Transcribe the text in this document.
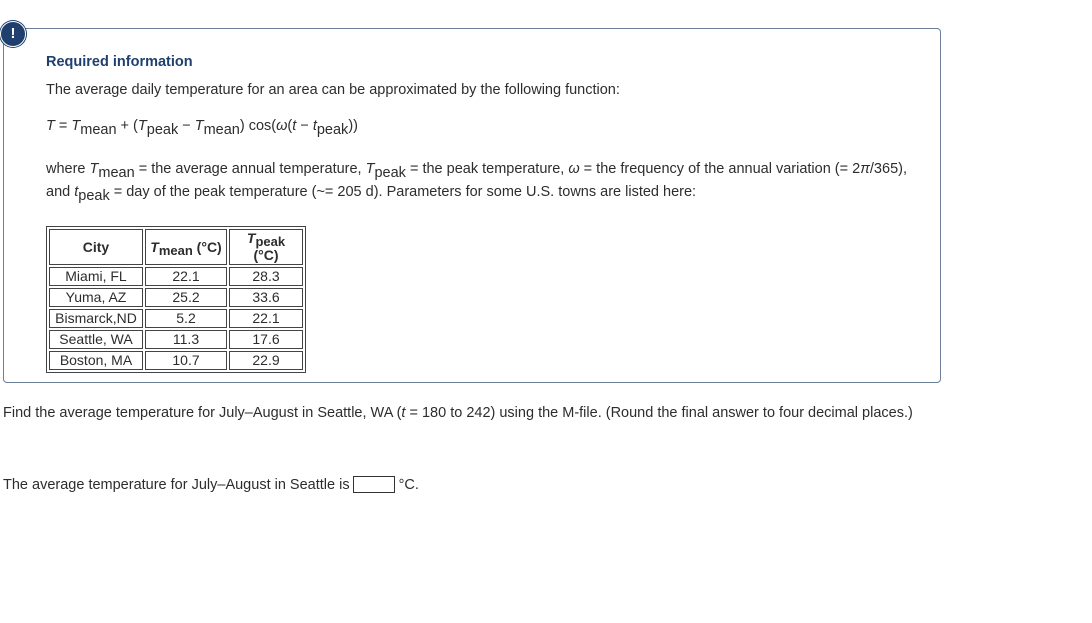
!
Required information
The average daily temperature for an area can be approximated by the following function:
$T = T_{mean} + (T_{peak} - T_{mean}) \cos(\omega(t - t_{peak}))$
where $T_{mean}$ = the average annual temperature, $T_{peak}$ = the peak temperature, ω = the frequency of the annual variation (= 2π/365), and $t_{peak}$ = day of the peak temperature (~= 205 d). Parameters for some U.S. towns are listed here:
City	$T_{mean}$ (°C)	$T_{peak}$ (°C)
Miami, FL	22.1	28.3
Yuma, AZ	25.2	33.6
Bismarck,ND	5.2	22.1
Seattle, WA	11.3	17.6
Boston, MA	10.7	22.9
Find the average temperature for July–August in Seattle, WA (t = 180 to 242) using the M-file. (Round the final answer to four decimal places.)
The average temperature for July–August in Seattle is	°C.
